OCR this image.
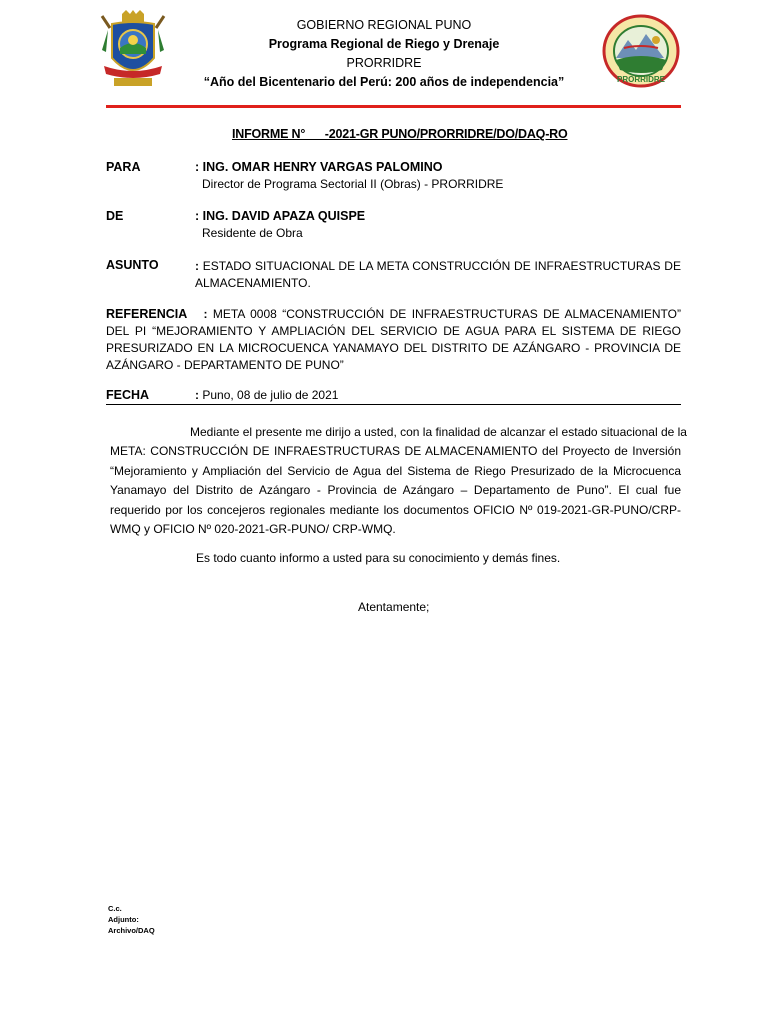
GOBIERNO REGIONAL PUNO
Programa Regional de Riego y Drenaje
PRORRIDRE
“Año del Bicentenario del Perú: 200 años de independencia”	PRORRIDRE
INFORME N°      -2021-GR PUNO/PRORRIDRE/DO/DAQ-RO
PARA	: ING. OMAR HENRY VARGAS PALOMINO
Director de Programa Sectorial II (Obras) - PRORRIDRE
DE	: ING. DAVID APAZA QUISPE
Residente de Obra
ASUNTO	: ESTADO SITUACIONAL DE LA META CONSTRUCCIÓN DE INFRAESTRUCTURAS DE ALMACENAMIENTO.
REFERENCIA : META 0008 “CONSTRUCCIÓN DE INFRAESTRUCTURAS DE ALMACENAMIENTO” DEL PI “MEJORAMIENTO Y AMPLIACIÓN DEL SERVICIO DE AGUA PARA EL SISTEMA DE RIEGO PRESURIZADO EN LA MICROCUENCA YANAMAYO DEL DISTRITO DE AZÁNGARO - PROVINCIA DE AZÁNGARO - DEPARTAMENTO DE PUNO”
FECHA	: Puno, 08 de julio de 2021
Mediante el presente me dirijo a usted, con la finalidad de alcanzar el estado situacional de la
META: CONSTRUCCIÓN DE INFRAESTRUCTURAS DE ALMACENAMIENTO del Proyecto de Inversión “Mejoramiento y Ampliación del Servicio de Agua del Sistema de Riego Presurizado de la Microcuenca Yanamayo del Distrito de Azángaro - Provincia de Azángaro – Departamento de Puno”. El cual fue requerido por los concejeros regionales mediante los documentos OFICIO Nº 019-2021-GR-PUNO/CRP-WMQ y OFICIO Nº 020-2021-GR-PUNO/ CRP-WMQ.
Es todo cuanto informo a usted para su conocimiento y demás fines.
Atentamente;
C.c.
Adjunto:
Archivo/DAQ
